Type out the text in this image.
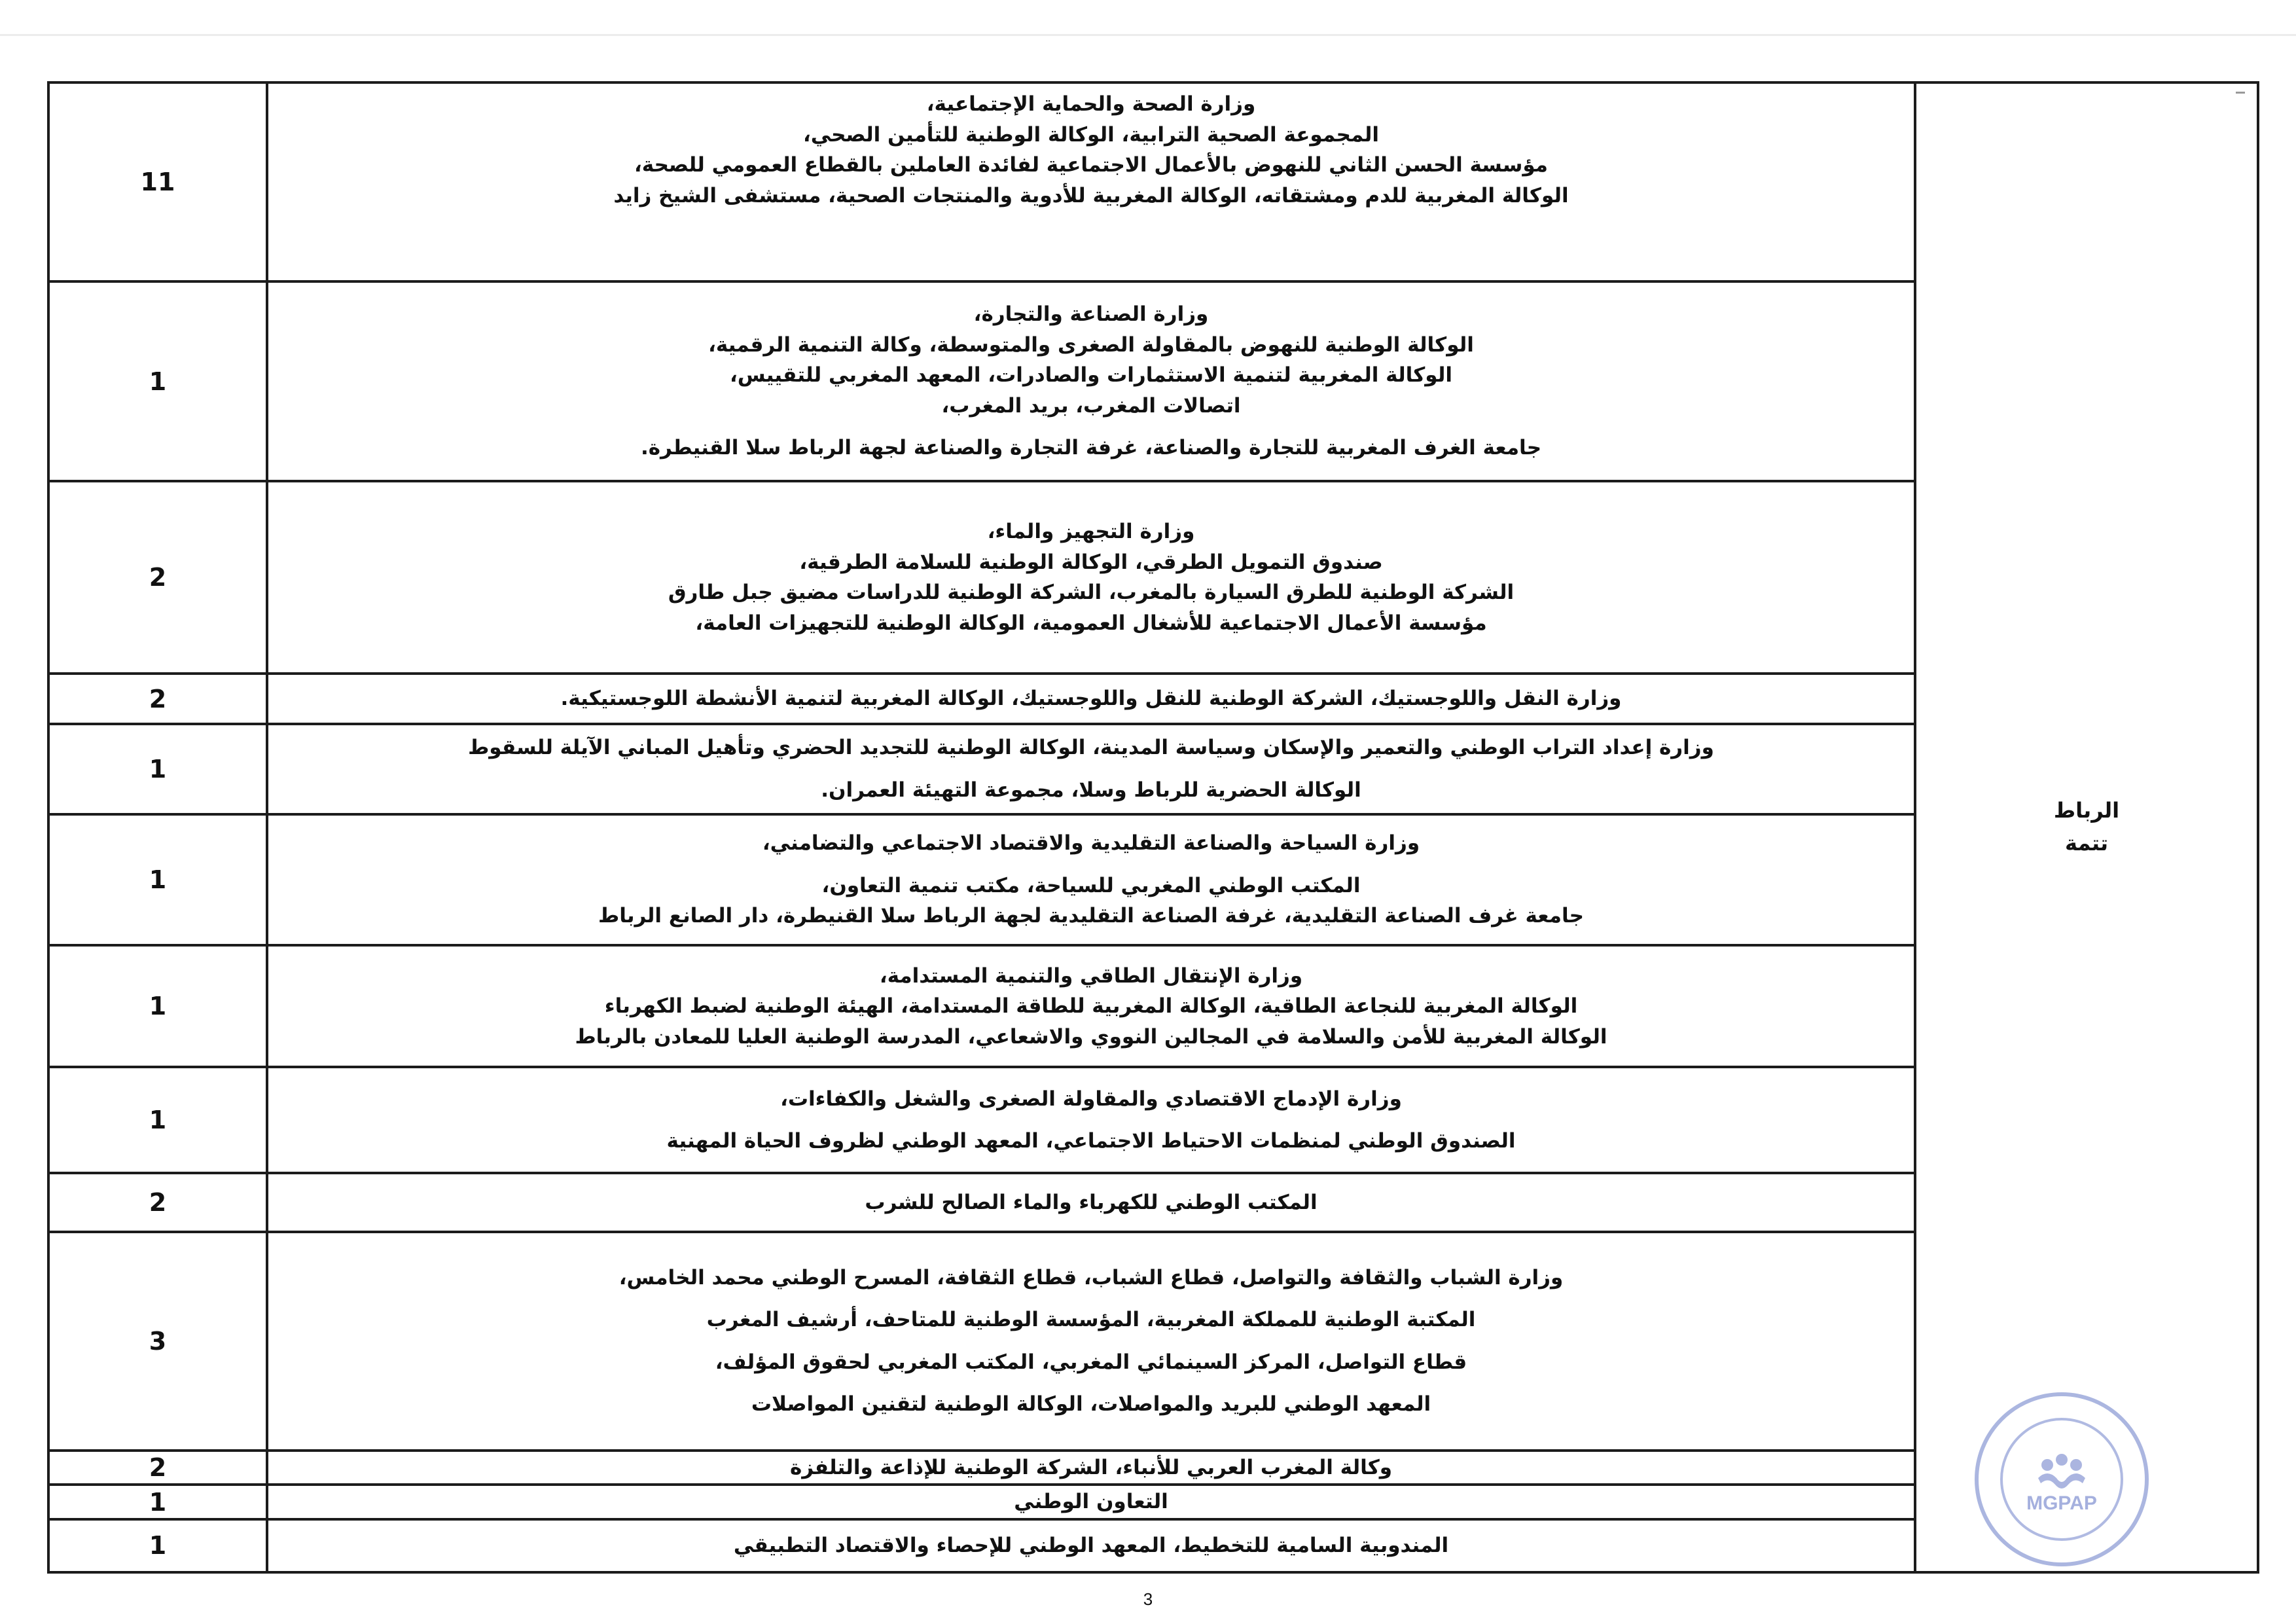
11	وزارة الصحة والحماية الإجتماعية،
المجموعة الصحية الترابية، الوكالة الوطنية للتأمين الصحي،
مؤسسة الحسن الثاني للنهوض بالأعمال الاجتماعية لفائدة العاملين بالقطاع العمومي للصحة،
الوكالة المغربية للدم ومشتقاته، الوكالة المغربية للأدوية والمنتجات الصحية، مستشفى الشيخ زايد	الرباط
تتمة

1	وزارة الصناعة والتجارة،
الوكالة الوطنية للنهوض بالمقاولة الصغرى والمتوسطة، وكالة التنمية الرقمية،
الوكالة المغربية لتنمية الاستثمارات والصادرات، المعهد المغربي للتقييس،
اتصالات المغرب، بريد المغرب،
جامعة الغرف المغربية للتجارة والصناعة، غرفة التجارة والصناعة لجهة الرباط سلا القنيطرة.	

2	وزارة التجهيز والماء،
صندوق التمويل الطرقي، الوكالة الوطنية للسلامة الطرقية،
الشركة الوطنية للطرق السيارة بالمغرب، الشركة الوطنية للدراسات مضيق جبل طارق
مؤسسة الأعمال الاجتماعية للأشغال العمومية، الوكالة الوطنية للتجهيزات العامة،	

2	وزارة النقل واللوجستيك، الشركة الوطنية للنقل واللوجستيك، الوكالة المغربية لتنمية الأنشطة اللوجستيكية.	

1	وزارة إعداد التراب الوطني والتعمير والإسكان وسياسة المدينة، الوكالة الوطنية للتجديد الحضري وتأهيل المباني الآيلة للسقوط
الوكالة الحضرية للرباط وسلا، مجموعة التهيئة العمران.	

1	وزارة السياحة والصناعة التقليدية والاقتصاد الاجتماعي والتضامني،
المكتب الوطني المغربي للسياحة، مكتب تنمية التعاون،
جامعة غرف الصناعة التقليدية، غرفة الصناعة التقليدية لجهة الرباط سلا القنيطرة، دار الصانع الرباط	

1	وزارة الإنتقال الطاقي والتنمية المستدامة،
الوكالة المغربية للنجاعة الطاقية، الوكالة المغربية للطاقة المستدامة، الهيئة الوطنية لضبط الكهرباء
الوكالة المغربية للأمن والسلامة في المجالين النووي والاشعاعي، المدرسة الوطنية العليا للمعادن بالرباط	

1	وزارة الإدماج الاقتصادي والمقاولة الصغرى والشغل والكفاءات،
الصندوق الوطني لمنظمات الاحتياط الاجتماعي، المعهد الوطني لظروف الحياة المهنية	

2	المكتب الوطني للكهرباء والماء الصالح للشرب	

3	وزارة الشباب والثقافة والتواصل، قطاع الشباب، قطاع الثقافة، المسرح الوطني محمد الخامس،
المكتبة الوطنية للمملكة المغربية، المؤسسة الوطنية للمتاحف، أرشيف المغرب
قطاع التواصل، المركز السينمائي المغربي، المكتب المغربي لحقوق المؤلف،
المعهد الوطني للبريد والمواصلات، الوكالة الوطنية لتقنين المواصلات	

2	وكالة المغرب العربي للأنباء، الشركة الوطنية للإذاعة والتلفزة	

1	التعاون الوطني	

1	المندوبية السامية للتخطيط، المعهد الوطني للإحصاء والاقتصاد التطبيقي	
MGPAP
3
